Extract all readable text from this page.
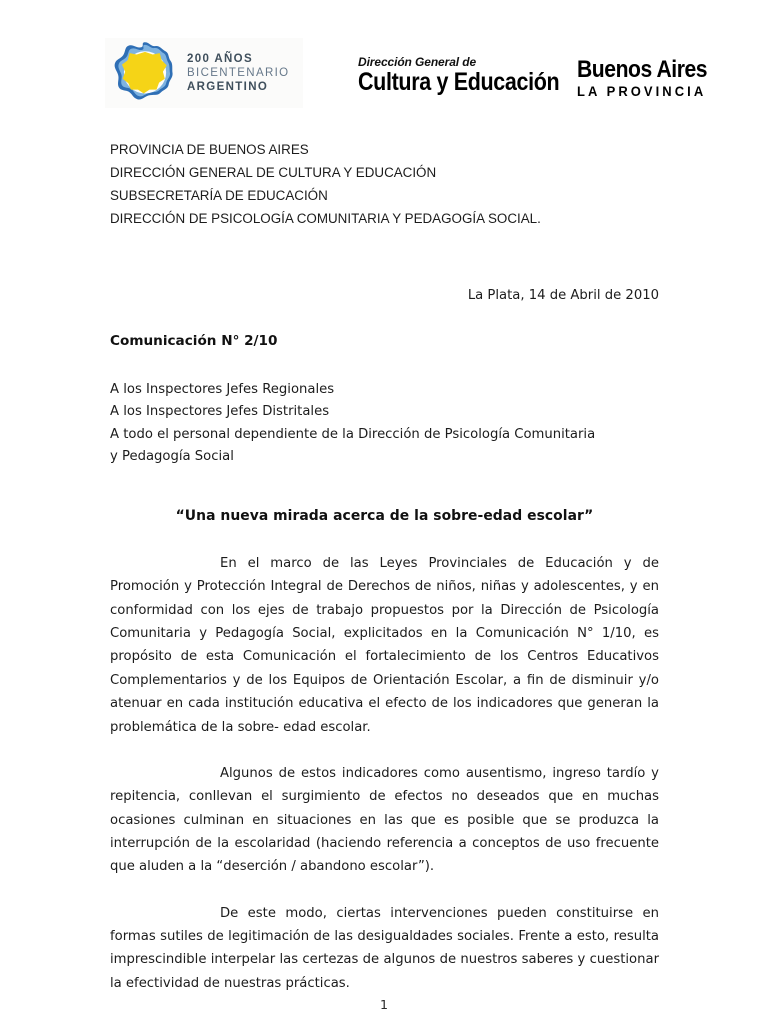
200 AÑOS
BICENTENARIO
ARGENTINO
Dirección General de
Cultura y Educación Buenos Aires
LA PROVINCIA
PROVINCIA DE BUENOS AIRES
DIRECCIÓN GENERAL DE CULTURA Y EDUCACIÓN
SUBSECRETARÍA DE EDUCACIÓN
DIRECCIÓN DE PSICOLOGÍA COMUNITARIA Y PEDAGOGÍA SOCIAL.
La Plata, 14 de Abril de 2010
Comunicación N° 2/10
A los Inspectores Jefes Regionales
A los Inspectores Jefes Distritales
A todo el personal dependiente de la Dirección de Psicología Comunitaria
y Pedagogía Social
“Una nueva mirada acerca de la sobre-edad escolar”

En el marco de las Leyes Provinciales de Educación y de Promoción y Protección Integral de Derechos de niños, niñas y adolescentes, y en conformidad con los ejes de trabajo propuestos por la Dirección de Psicología Comunitaria y Pedagogía Social, explicitados en la Comunicación N° 1/10, es propósito de esta Comunicación el fortalecimiento de los Centros Educativos Complementarios y de los Equipos de Orientación Escolar, a fin de disminuir y/o atenuar en cada institución educativa el efecto de los indicadores que generan la problemática de la sobre- edad escolar.

Algunos de estos indicadores como ausentismo, ingreso tardío y repitencia, conllevan el surgimiento de efectos no deseados que en muchas ocasiones culminan en situaciones en las que es posible que se produzca la interrupción de la escolaridad (haciendo referencia a conceptos de uso frecuente que aluden a la “deserción / abandono escolar”).

De este modo, ciertas intervenciones pueden constituirse en formas sutiles de legitimación de las desigualdades sociales. Frente a esto, resulta imprescindible interpelar las certezas de algunos de nuestros saberes y cuestionar la efectividad de nuestras prácticas.

1
